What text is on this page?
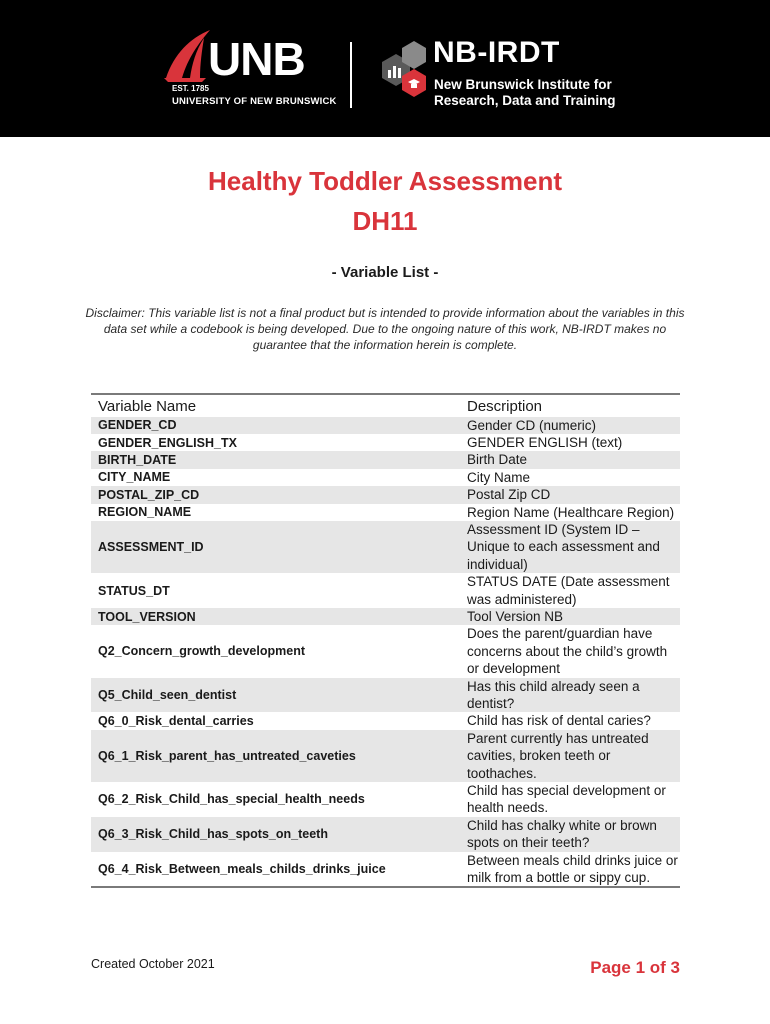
UNB
EST. 1785
UNIVERSITY OF NEW BRUNSWICK
NB-IRDT
New Brunswick Institute for
Research, Data and Training
Healthy Toddler Assessment
DH11
- Variable List -
Disclaimer: This variable list is not a final product but is intended to provide information about the variables in this data set while a codebook is being developed. Due to the ongoing nature of this work, NB-IRDT makes no guarantee that the information herein is complete.
Variable Name	Description
GENDER_CD	Gender CD (numeric)
GENDER_ENGLISH_TX	GENDER ENGLISH (text)
BIRTH_DATE	Birth Date
CITY_NAME	City Name
POSTAL_ZIP_CD	Postal Zip CD
REGION_NAME	Region Name (Healthcare Region)
ASSESSMENT_ID	Assessment ID (System ID – Unique to each assessment and individual)
STATUS_DT	STATUS DATE (Date assessment was administered)
TOOL_VERSION	Tool Version NB
Q2_Concern_growth_development	Does the parent/guardian have concerns about the child’s growth or development
Q5_Child_seen_dentist	Has this child already seen a dentist?
Q6_0_Risk_dental_carries	Child has risk of dental caries?
Q6_1_Risk_parent_has_untreated_caveties	Parent currently has untreated cavities, broken teeth or toothaches.
Q6_2_Risk_Child_has_special_health_needs	Child has special development or health needs.
Q6_3_Risk_Child_has_spots_on_teeth	Child has chalky white or brown spots on their teeth?
Q6_4_Risk_Between_meals_childs_drinks_juice	Between meals child drinks juice or milk from a bottle or sippy cup.
Created October 2021	Page 1 of 3
